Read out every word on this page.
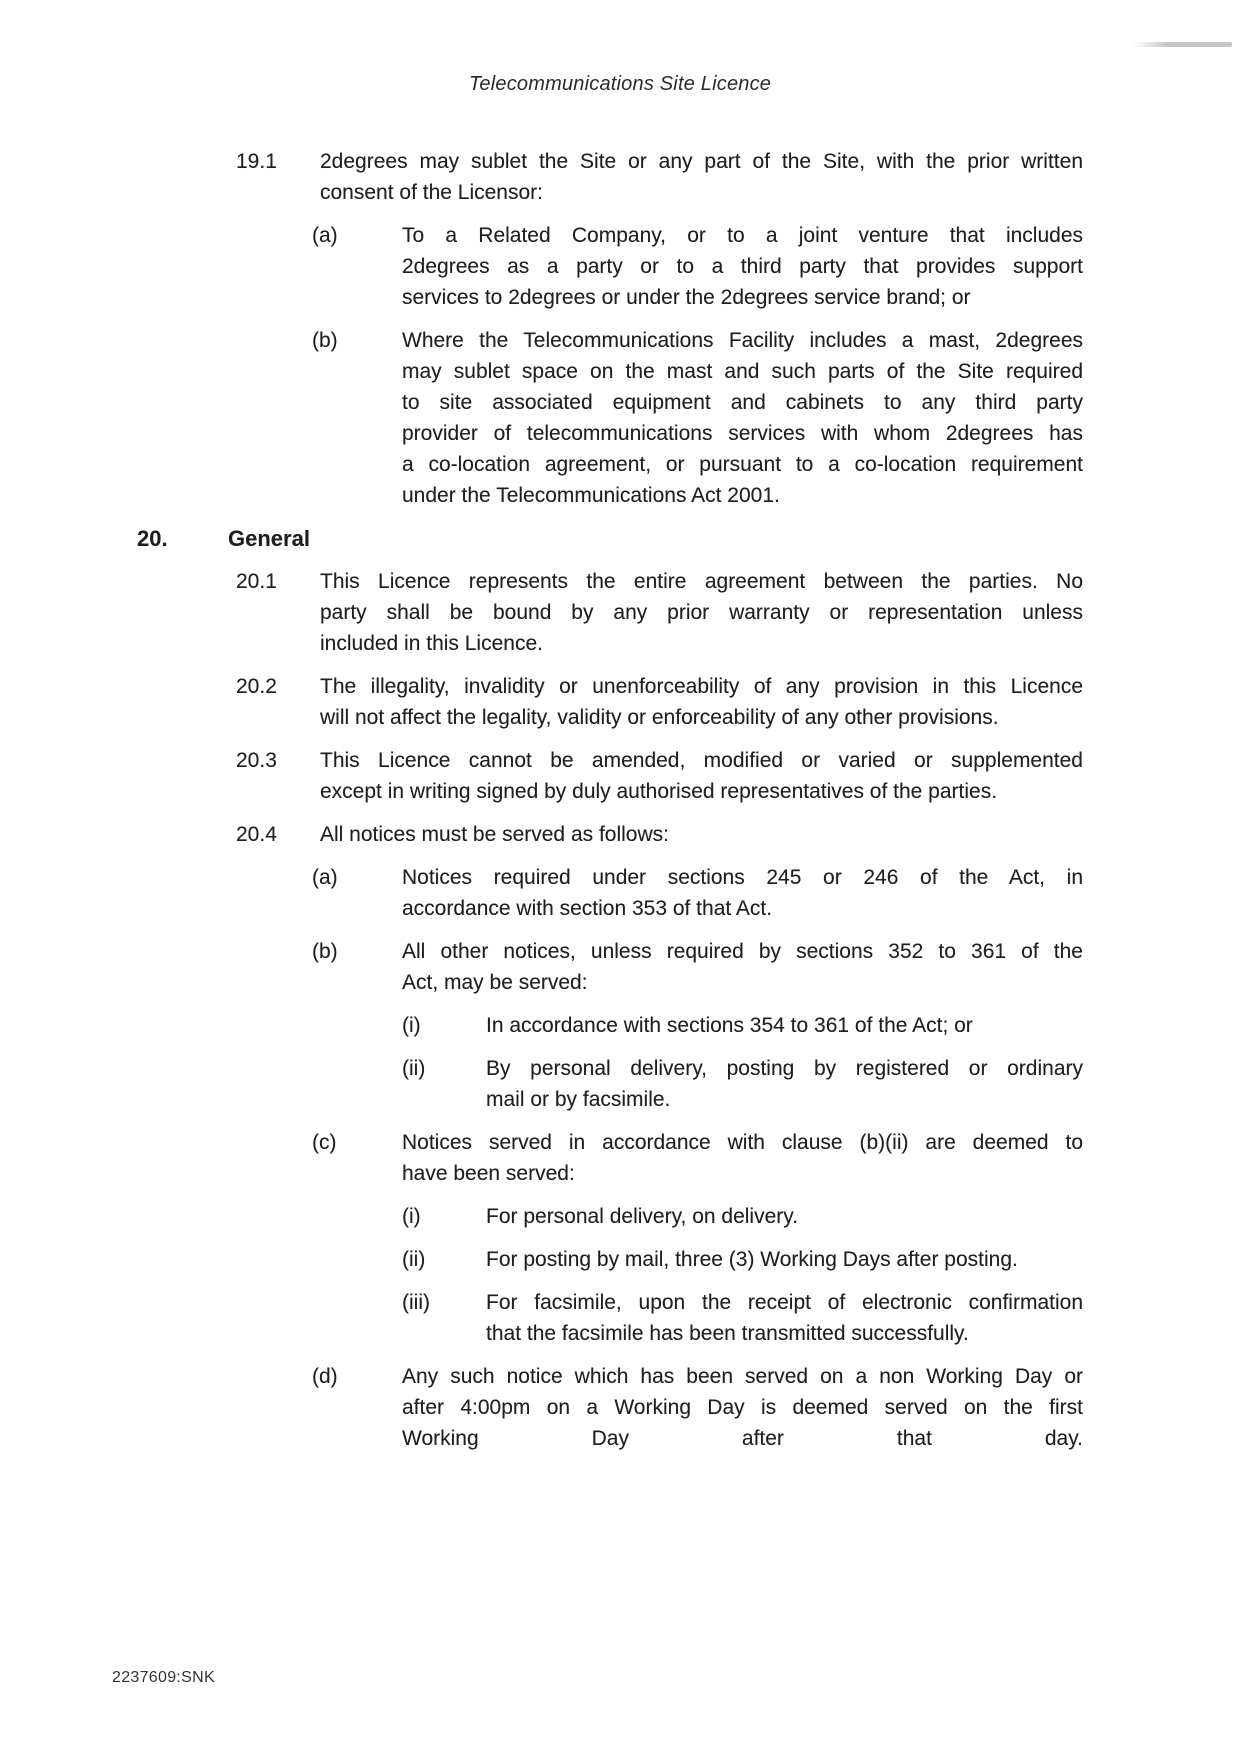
Telecommunications Site Licence
19.1	2degrees may sublet the Site or any part of the Site, with the prior written
consent of the Licensor:
(a)	To a Related Company, or to a joint venture that includes
2degrees as a party or to a third party that provides support
services to 2degrees or under the 2degrees service brand; or
(b)	Where the Telecommunications Facility includes a mast, 2degrees
may sublet space on the mast and such parts of the Site required
to site associated equipment and cabinets to any third party
provider of telecommunications services with whom 2degrees has
a co-location agreement, or pursuant to a co-location requirement
under the Telecommunications Act 2001.
20.	General
20.1	This Licence represents the entire agreement between the parties. No
party shall be bound by any prior warranty or representation unless
included in this Licence.
20.2	The illegality, invalidity or unenforceability of any provision in this Licence
will not affect the legality, validity or enforceability of any other provisions.
20.3	This Licence cannot be amended, modified or varied or supplemented
except in writing signed by duly authorised representatives of the parties.
20.4	All notices must be served as follows:
(a)	Notices required under sections 245 or 246 of the Act, in
accordance with section 353 of that Act.
(b)	All other notices, unless required by sections 352 to 361 of the
Act, may be served:
(i)	In accordance with sections 354 to 361 of the Act; or
(ii)	By personal delivery, posting by registered or ordinary
mail or by facsimile.
(c)	Notices served in accordance with clause (b)(ii) are deemed to
have been served:
(i)	For personal delivery, on delivery.
(ii)	For posting by mail, three (3) Working Days after posting.
(iii)	For facsimile, upon the receipt of electronic confirmation
that the facsimile has been transmitted successfully.
(d)	Any such notice which has been served on a non Working Day or
after 4:00pm on a Working Day is deemed served on the first
Working Day after that day.
2237609:SNK
